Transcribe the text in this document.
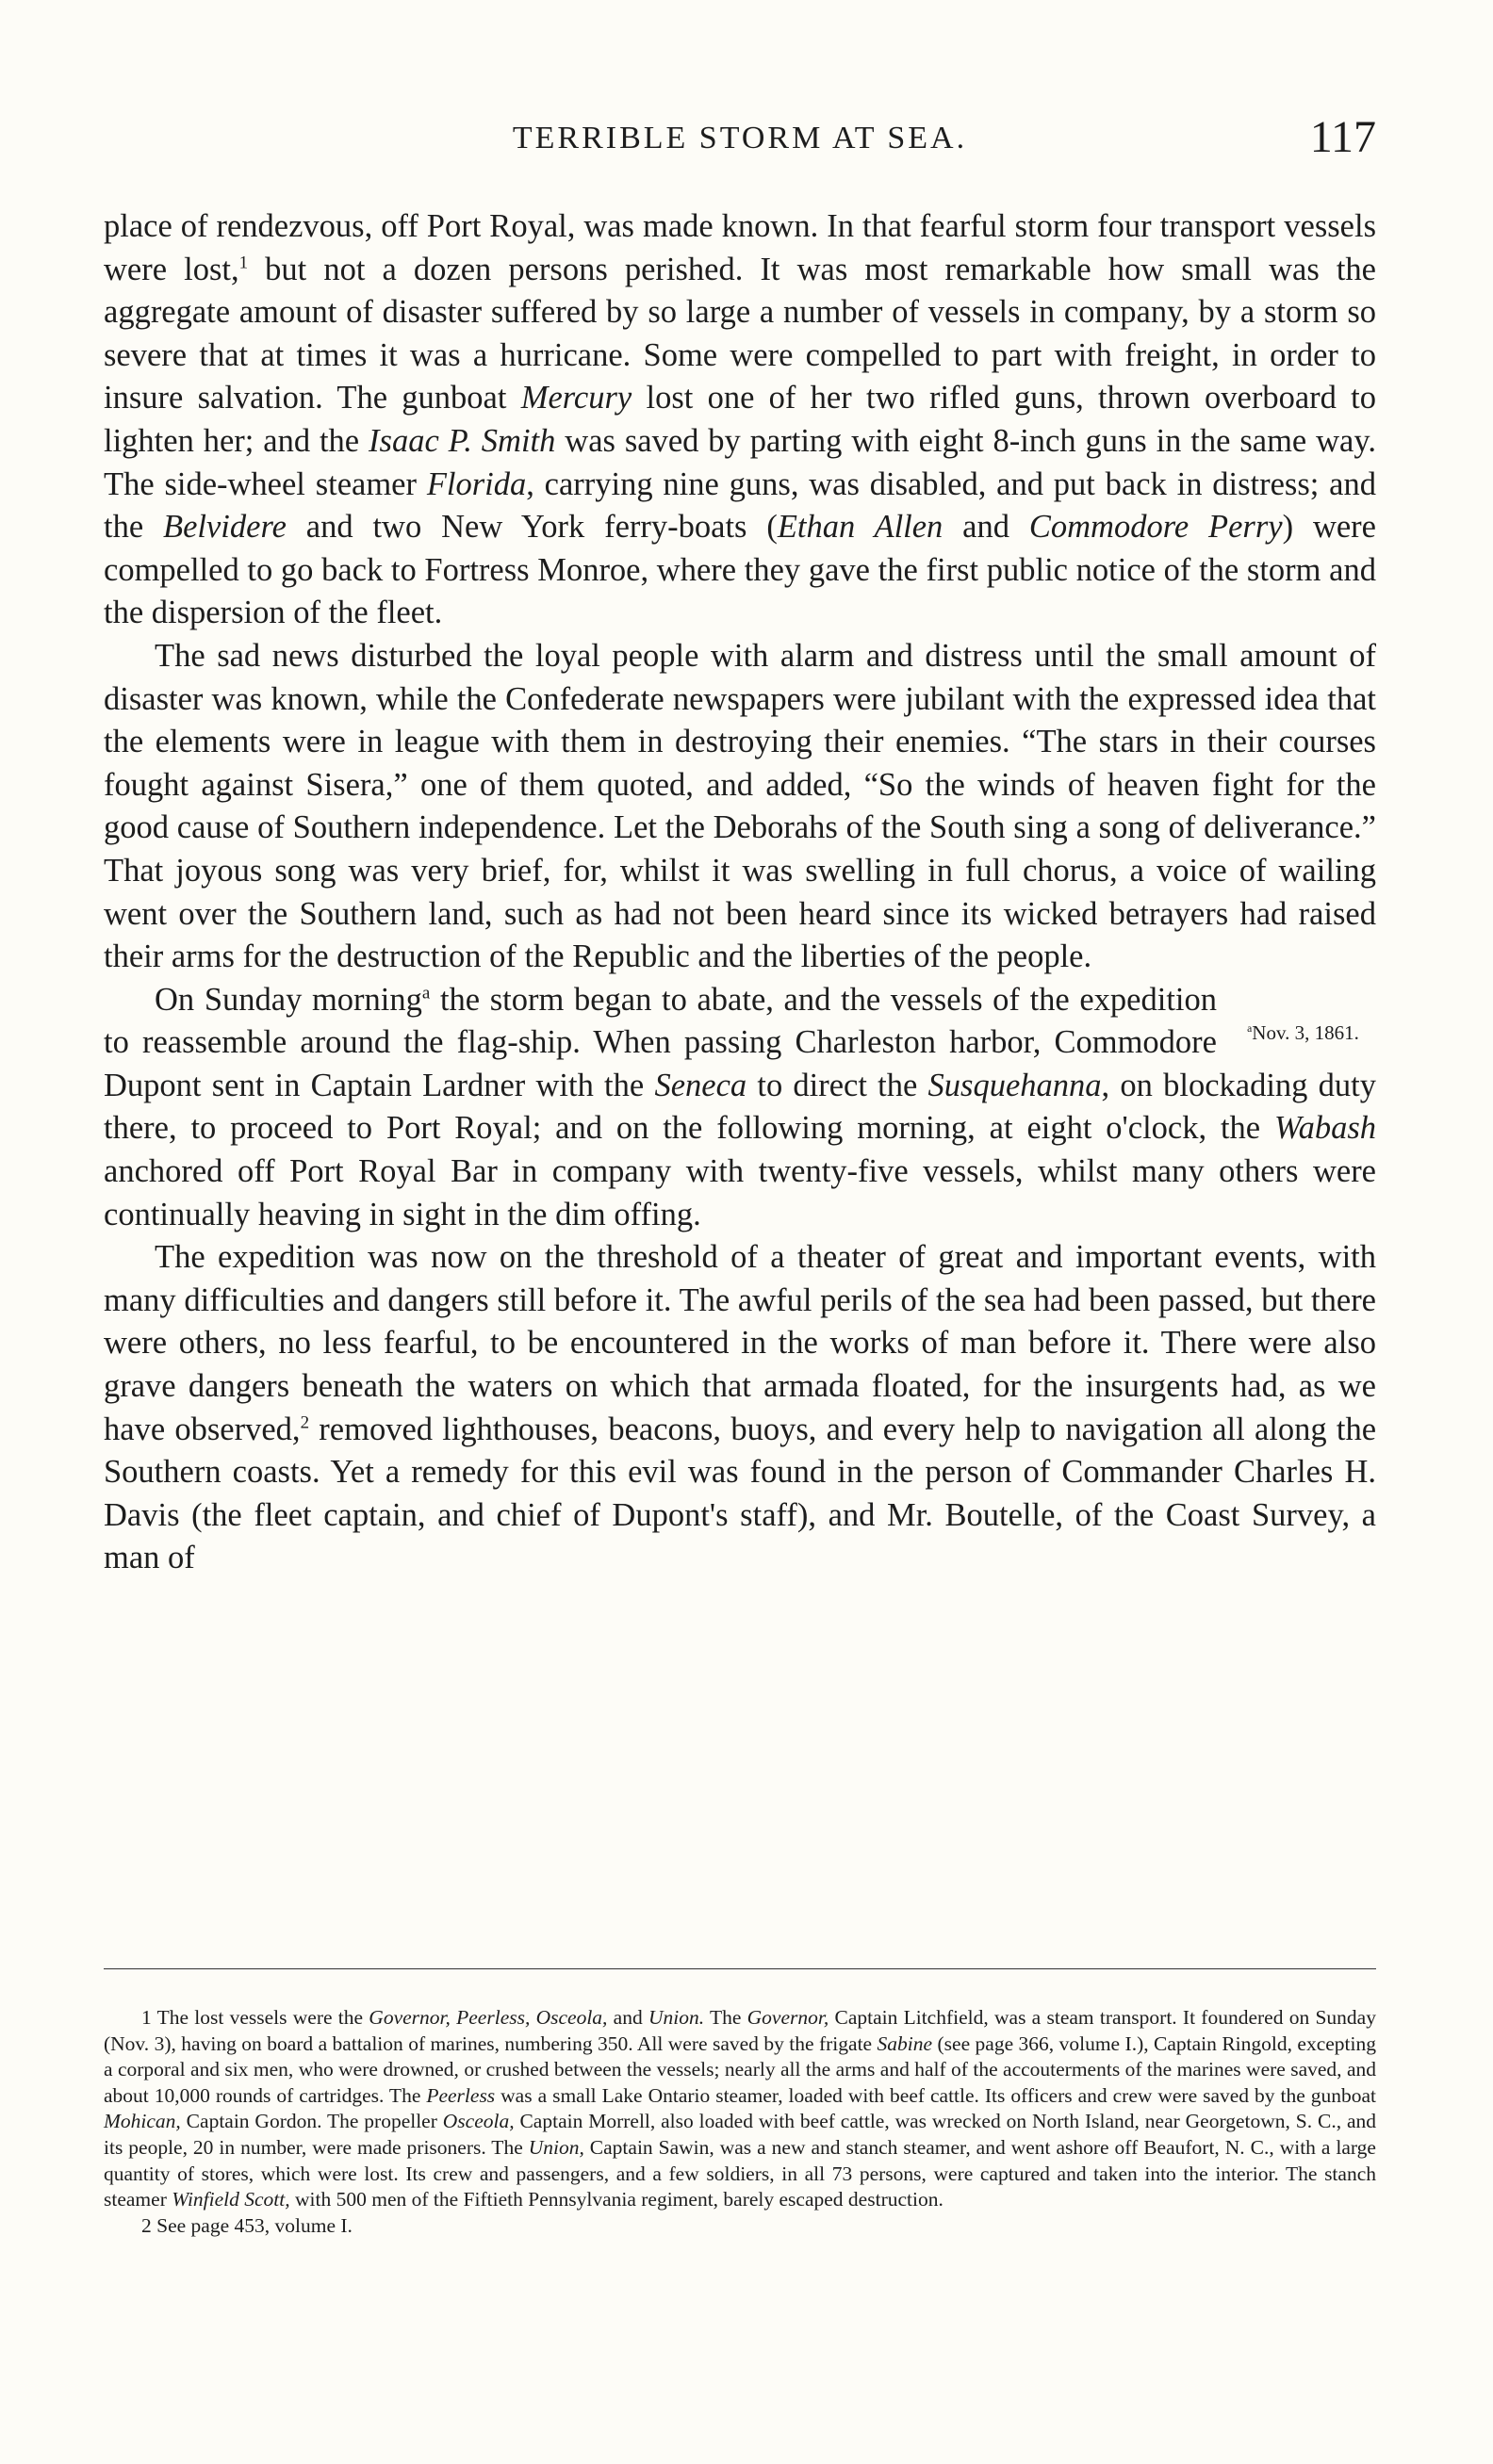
TERRIBLE STORM AT SEA.	117

place of rendezvous, off Port Royal, was made known. In that fearful storm four transport vessels were lost,$^1$ but not a dozen persons perished. It was most remarkable how small was the aggregate amount of disaster suffered by so large a number of vessels in company, by a storm so severe that at times it was a hurricane. Some were compelled to part with freight, in order to insure salvation. The gunboat Mercury lost one of her two rifled guns, thrown overboard to lighten her; and the Isaac P. Smith was saved by parting with eight 8-inch guns in the same way. The side-wheel steamer Florida, carrying nine guns, was disabled, and put back in distress; and the Belvidere and two New York ferry-boats (Ethan Allen and Commodore Perry) were compelled to go back to Fortress Monroe, where they gave the first public notice of the storm and the dispersion of the fleet.

The sad news disturbed the loyal people with alarm and distress until the small amount of disaster was known, while the Confederate newspapers were jubilant with the expressed idea that the elements were in league with them in destroying their enemies. “The stars in their courses fought against Sisera,” one of them quoted, and added, “So the winds of heaven fight for the good cause of Southern independence. Let the Deborahs of the South sing a song of deliverance.” That joyous song was very brief, for, whilst it was swelling in full chorus, a voice of wailing went over the Southern land, such as had not been heard since its wicked betrayers had raised their arms for the destruction of the Republic and the liberties of the people.

$^a$Nov. 3, 1861.
On Sunday morning$^a$ the storm began to abate, and the vessels of the expedition to reassemble around the flag-ship. When passing Charleston harbor, Commodore Dupont sent in Captain Lardner with the Seneca to direct the Susquehanna, on blockading duty there, to proceed to Port Royal; and on the following morning, at eight o'clock, the Wabash anchored off Port Royal Bar in company with twenty-five vessels, whilst many others were continually heaving in sight in the dim offing.

The expedition was now on the threshold of a theater of great and important events, with many difficulties and dangers still before it. The awful perils of the sea had been passed, but there were others, no less fearful, to be encountered in the works of man before it. There were also grave dangers beneath the waters on which that armada floated, for the insurgents had, as we have observed,$^2$ removed lighthouses, beacons, buoys, and every help to navigation all along the Southern coasts. Yet a remedy for this evil was found in the person of Commander Charles H. Davis (the fleet captain, and chief of Dupont's staff), and Mr. Boutelle, of the Coast Survey, a man of

1 The lost vessels were the Governor, Peerless, Osceola, and Union. The Governor, Captain Litchfield, was a steam transport. It foundered on Sunday (Nov. 3), having on board a battalion of marines, numbering 350. All were saved by the frigate Sabine (see page 366, volume I.), Captain Ringold, excepting a corporal and six men, who were drowned, or crushed between the vessels; nearly all the arms and half of the accouterments of the marines were saved, and about 10,000 rounds of cartridges. The Peerless was a small Lake Ontario steamer, loaded with beef cattle. Its officers and crew were saved by the gunboat Mohican, Captain Gordon. The propeller Osceola, Captain Morrell, also loaded with beef cattle, was wrecked on North Island, near Georgetown, S. C., and its people, 20 in number, were made prisoners. The Union, Captain Sawin, was a new and stanch steamer, and went ashore off Beaufort, N. C., with a large quantity of stores, which were lost. Its crew and passengers, and a few soldiers, in all 73 persons, were captured and taken into the interior. The stanch steamer Winfield Scott, with 500 men of the Fiftieth Pennsylvania regiment, barely escaped destruction.

2 See page 453, volume I.
